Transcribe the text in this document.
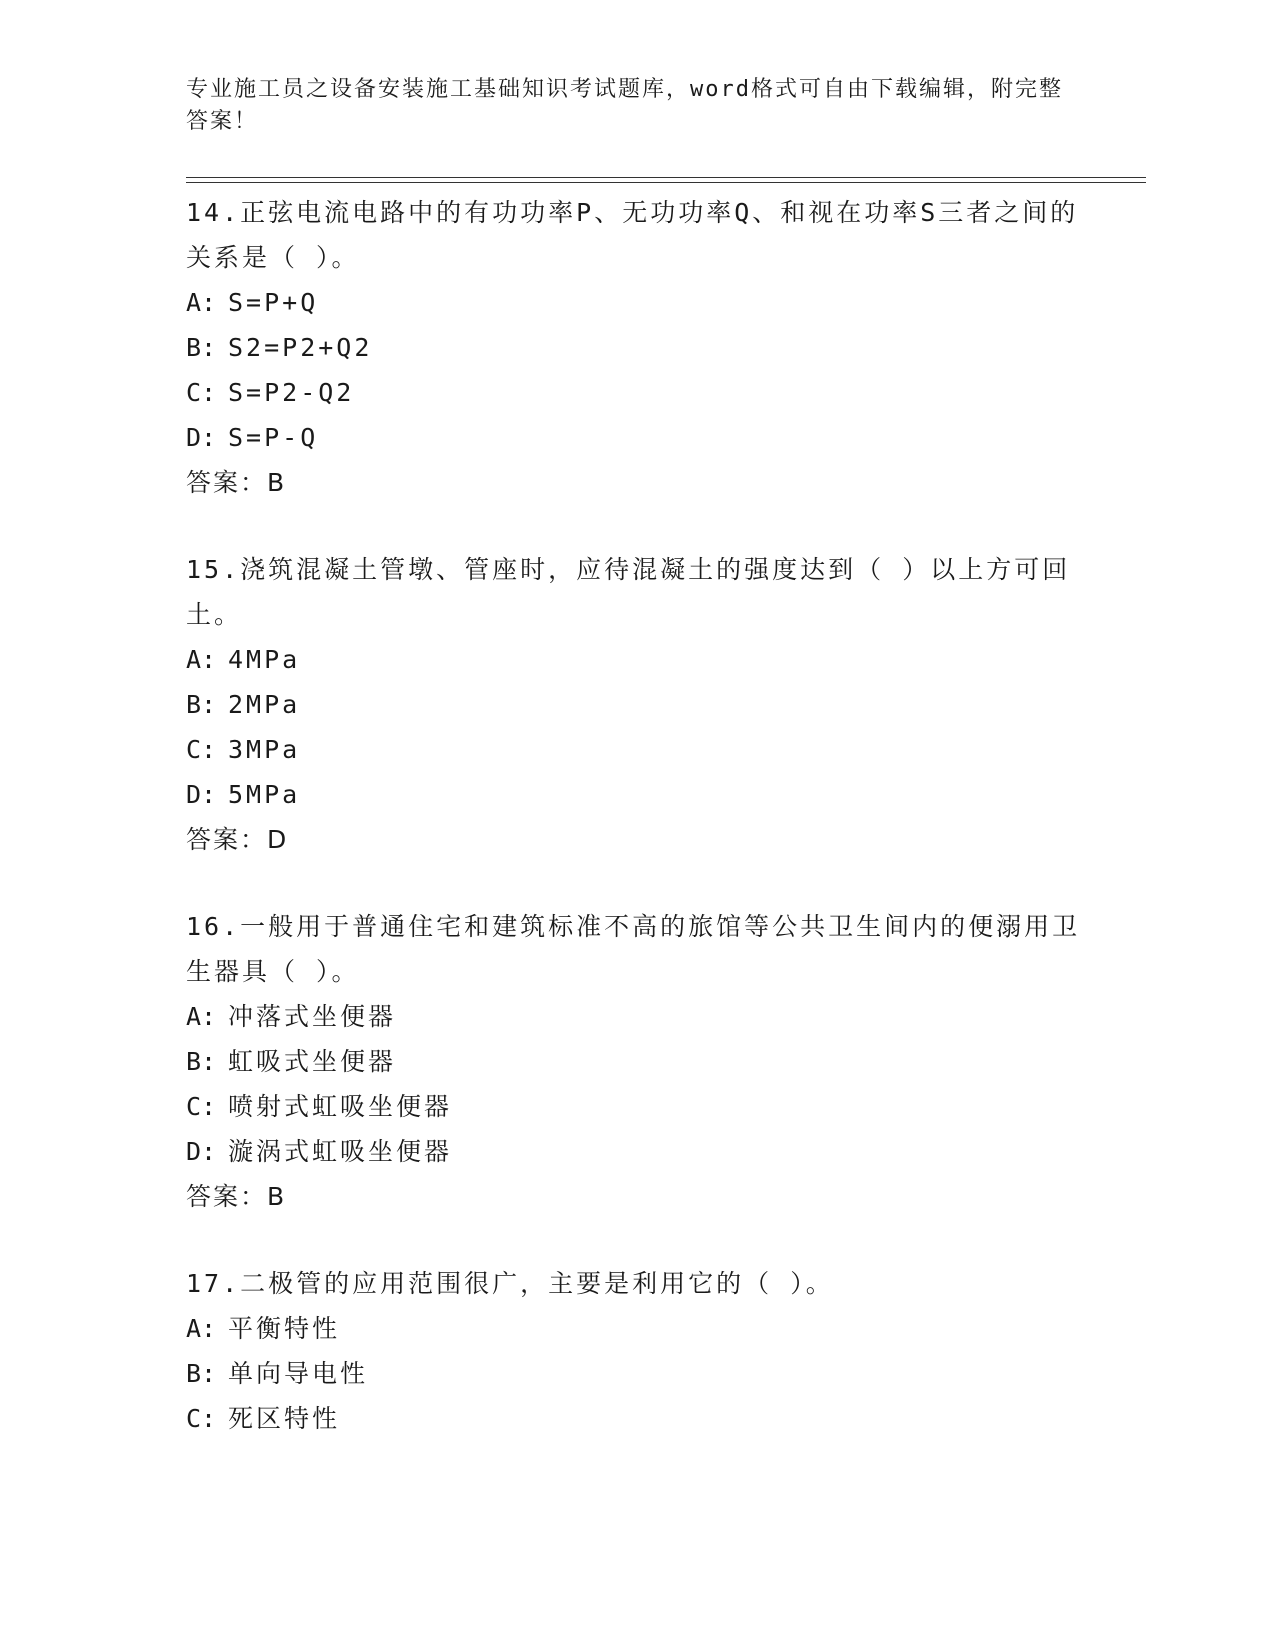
专业施工员之设备安装施工基础知识考试题库，word格式可自由下载编辑，附完整答案！

14.正弦电流电路中的有功功率P、无功功率Q、和视在功率S三者之间的关系是（ ）。

A: S=P+Q

B: S2=P2+Q2

C: S=P2-Q2

D: S=P-Q

答案：B

15.浇筑混凝土管墩、管座时，应待混凝土的强度达到（ ）以上方可回土。

A: 4MPa

B: 2MPa

C: 3MPa

D: 5MPa

答案：D

16.一般用于普通住宅和建筑标准不高的旅馆等公共卫生间内的便溺用卫生器具（ ）。

A: 冲落式坐便器

B: 虹吸式坐便器

C: 喷射式虹吸坐便器

D: 漩涡式虹吸坐便器

答案：B

17.二极管的应用范围很广，主要是利用它的（ ）。

A: 平衡特性

B: 单向导电性

C: 死区特性
